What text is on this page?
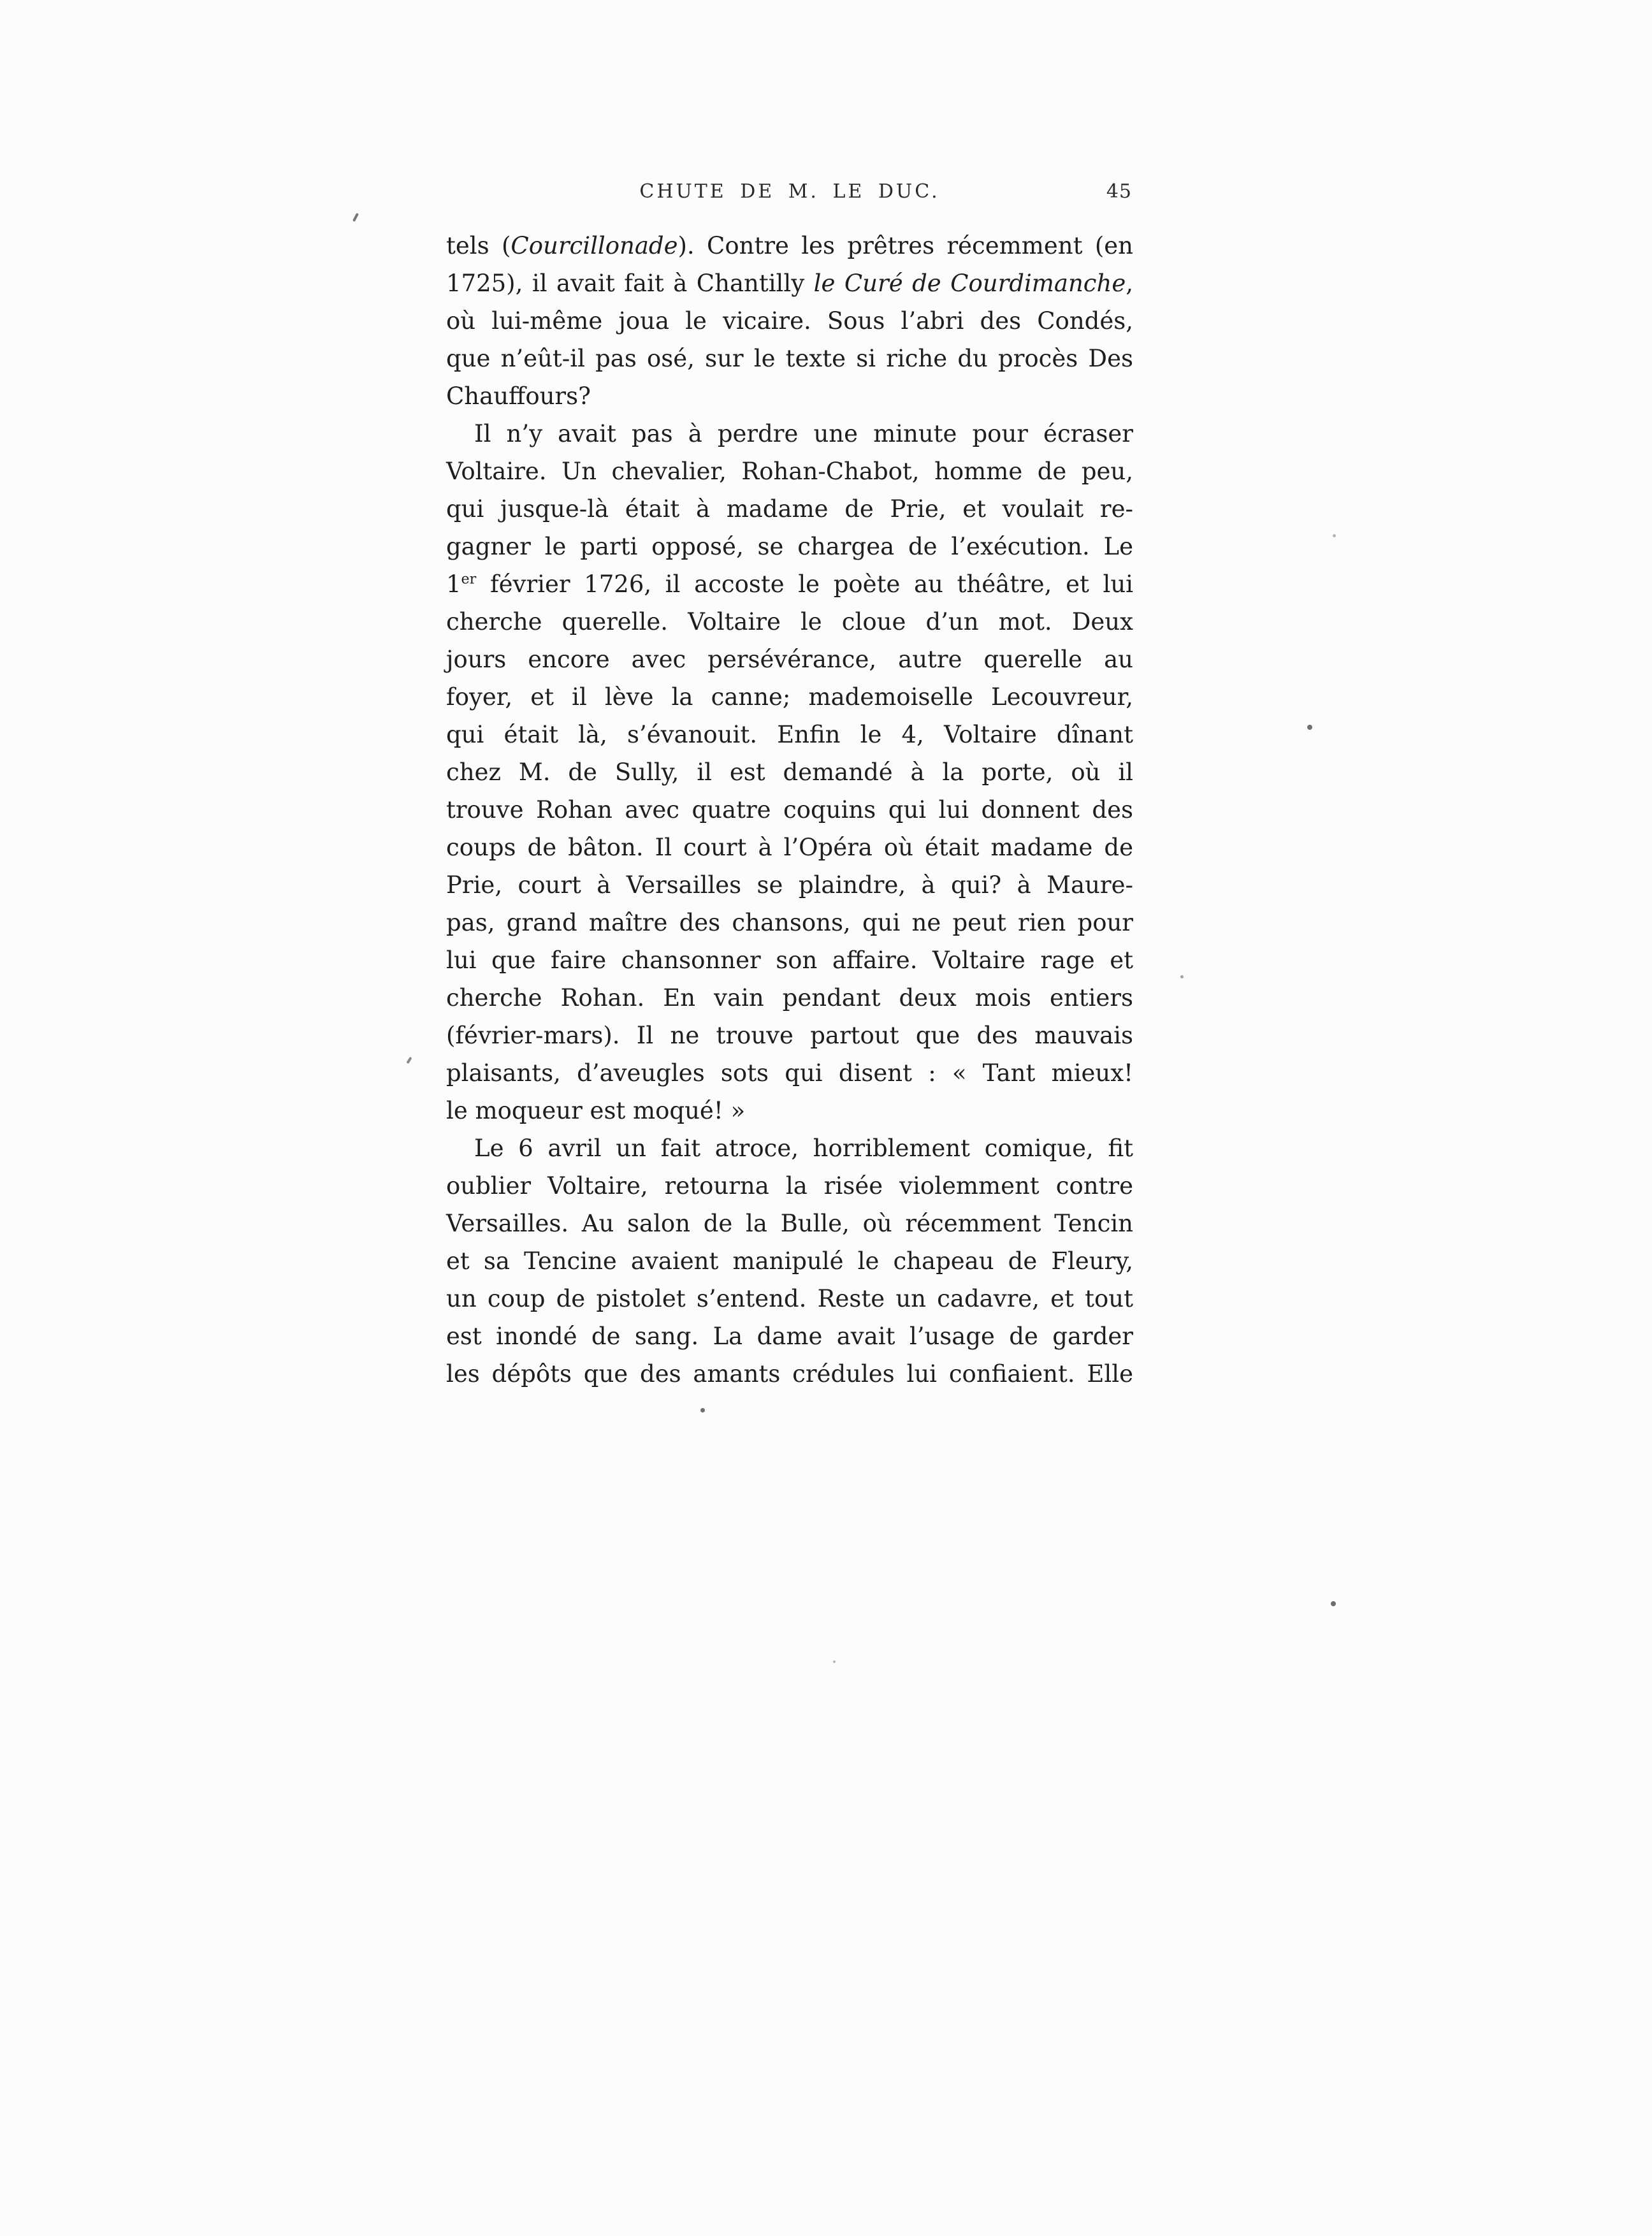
CHUTE DE M. LE DUC.	45
tels (Courcillonade). Contre les prêtres récemment (en
1725), il avait fait à Chantilly le Curé de Courdimanche,
où lui-même joua le vicaire. Sous l’abri des Condés,
que n’eût-il pas osé, sur le texte si riche du procès Des
Chauffours?
Il n’y avait pas à perdre une minute pour écraser
Voltaire. Un chevalier, Rohan-Chabot, homme de peu,
qui jusque-là était à madame de Prie, et voulait re-
gagner le parti opposé, se chargea de l’exécution. Le
1er février 1726, il accoste le poète au théâtre, et lui
cherche querelle. Voltaire le cloue d’un mot. Deux
jours encore avec persévérance, autre querelle au
foyer, et il lève la canne; mademoiselle Lecouvreur,
qui était là, s’évanouit. Enfin le 4, Voltaire dînant
chez M. de Sully, il est demandé à la porte, où il
trouve Rohan avec quatre coquins qui lui donnent des
coups de bâton. Il court à l’Opéra où était madame de
Prie, court à Versailles se plaindre, à qui? à Maure-
pas, grand maître des chansons, qui ne peut rien pour
lui que faire chansonner son affaire. Voltaire rage et
cherche Rohan. En vain pendant deux mois entiers
(février-mars). Il ne trouve partout que des mauvais
plaisants, d’aveugles sots qui disent : « Tant mieux!
le moqueur est moqué! »
Le 6 avril un fait atroce, horriblement comique, fit
oublier Voltaire, retourna la risée violemment contre
Versailles. Au salon de la Bulle, où récemment Tencin
et sa Tencine avaient manipulé le chapeau de Fleury,
un coup de pistolet s’entend. Reste un cadavre, et tout
est inondé de sang. La dame avait l’usage de garder
les dépôts que des amants crédules lui confiaient. Elle
